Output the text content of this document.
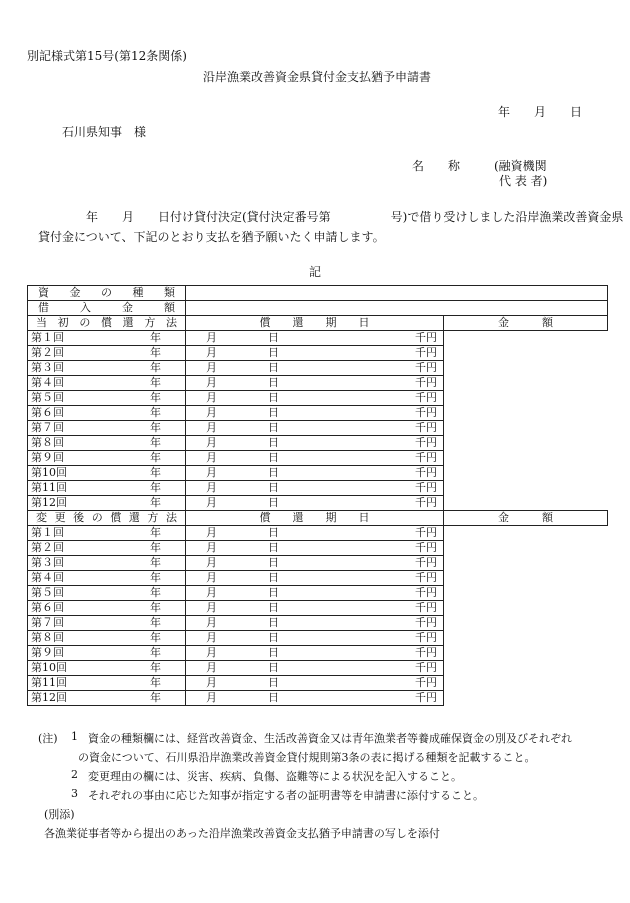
別記様式第15号(第12条関係)
沿岸漁業改善資金県貸付金支払猶予申請書
年　　月　　日
石川県知事　様
名　　称	(融資機関
代 表 者)
年　　月　　日付け貸付決定(貸付決定番号第　　　　　号)で借り受けしました沿岸漁業改善資金県
貸付金について、下記のとおり支払を猶予願いたく申請します。
記
資金の種類		
借入金額		
当初の償還方法	償　　還　　期　　日	金　　　額

第１回 年 月 日	千円	

第２回 年 月 日	千円	

第３回 年 月 日	千円	

第４回 年 月 日	千円	

第５回 年 月 日	千円	

第６回 年 月 日	千円	

第７回 年 月 日	千円	

第８回 年 月 日	千円	

第９回 年 月 日	千円	

第10回 年 月 日	千円	

第11回 年 月 日	千円	

第12回 年 月 日	千円	
変更後の償還方法	償　　還　　期　　日	金　　　額

第１回 年 月 日	千円	

第２回 年 月 日	千円	

第３回 年 月 日	千円	

第４回 年 月 日	千円	

第５回 年 月 日	千円	

第６回 年 月 日	千円	

第７回 年 月 日	千円	

第８回 年 月 日	千円	

第９回 年 月 日	千円	

第10回 年 月 日	千円	

第11回 年 月 日	千円	

第12回 年 月 日	千円	
(注) 1 資金の種類欄には、経営改善資金、生活改善資金又は青年漁業者等養成確保資金の別及びそれぞれ
の資金について、石川県沿岸漁業改善資金貸付規則第3条の表に掲げる種類を記載すること。
2 変更理由の欄には、災害、疾病、負傷、盗難等による状況を記入すること。
3 それぞれの事由に応じた知事が指定する者の証明書等を申請書に添付すること。
(別添)
各漁業従事者等から提出のあった沿岸漁業改善資金支払猶予申請書の写しを添付
